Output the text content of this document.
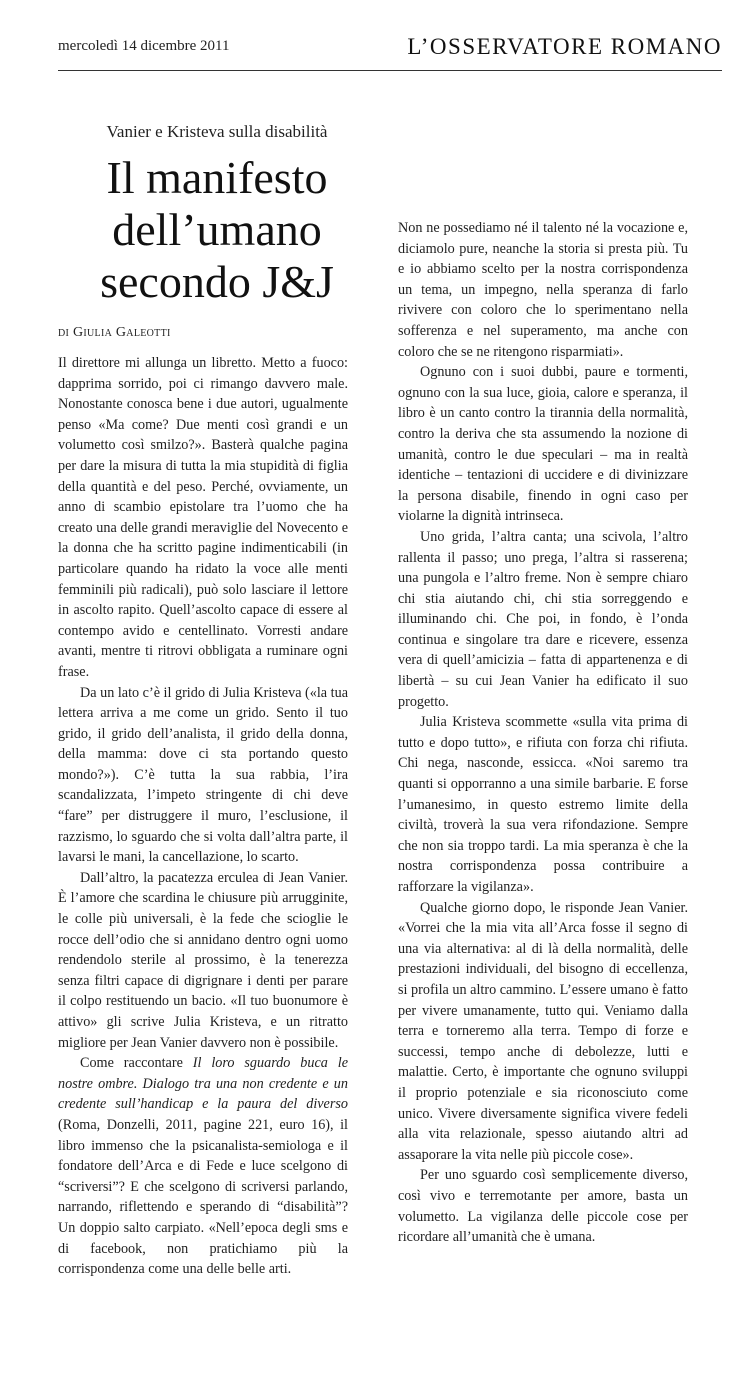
mercoledì 14 dicembre 2011	L’OSSERVATORE ROMANO
Vanier e Kristeva sulla disabilità
Il manifesto
dell’umano
secondo J&J
di Giulia Galeotti

Il direttore mi allunga un libretto. Metto a fuoco: dapprima sorrido, poi ci rimango davvero male. Nonostante conosca bene i due autori, ugualmente penso «Ma come? Due menti così grandi e un volumetto così smilzo?». Basterà qualche pagina per dare la misura di tutta la mia stupidità di figlia della quantità e del peso. Perché, ovviamente, un anno di scambio epistolare tra l’uomo che ha creato una delle grandi meraviglie del Novecento e la donna che ha scritto pagine indimenticabili (in particolare quando ha ridato la voce alle menti femminili più radicali), può solo lasciare il lettore in ascolto rapito. Quell’ascolto capace di essere al contempo avido e centellinato. Vorresti andare avanti, mentre ti ritrovi obbligata a ruminare ogni frase.

Da un lato c’è il grido di Julia Kristeva («la tua lettera arriva a me come un grido. Sento il tuo grido, il grido dell’analista, il grido della donna, della mamma: dove ci sta portando questo mondo?»). C’è tutta la sua rabbia, l’ira scandalizzata, l’impeto stringente di chi deve “fare” per distruggere il muro, l’esclusione, il razzismo, lo sguardo che si volta dall’altra parte, il lavarsi le mani, la cancellazione, lo scarto.

Dall’altro, la pacatezza erculea di Jean Vanier. È l’amore che scardina le chiusure più arrugginite, le colle più universali, è la fede che scioglie le rocce dell’odio che si annidano dentro ogni uomo rendendolo sterile al prossimo, è la tenerezza senza filtri capace di digrignare i denti per parare il colpo restituendo un bacio. «Il tuo buonumore è attivo» gli scrive Julia Kristeva, e un ritratto migliore per Jean Vanier davvero non è possibile.

Come raccontare Il loro sguardo buca le nostre ombre. Dialogo tra una non credente e un credente sull’handicap e la paura del diverso (Roma, Donzelli, 2011, pagine 221, euro 16), il libro immenso che la psicanalista-semiologa e il fondatore dell’Arca e di Fede e luce scelgono di “scriversi”? E che scelgono di scriversi parlando, narrando, riflettendo e sperando di “disabilità”? Un doppio salto carpiato. «Nell’epoca degli sms e di facebook, non pratichiamo più la corrispondenza come una delle belle arti.

Non ne possediamo né il talento né la vocazione e, diciamolo pure, neanche la storia si presta più. Tu e io abbiamo scelto per la nostra corrispondenza un tema, un impegno, nella speranza di farlo rivivere con coloro che lo sperimentano nella sofferenza e nel superamento, ma anche con coloro che se ne ritengono risparmiati».

Ognuno con i suoi dubbi, paure e tormenti, ognuno con la sua luce, gioia, calore e speranza, il libro è un canto contro la tirannia della normalità, contro la deriva che sta assumendo la nozione di umanità, contro le due speculari – ma in realtà identiche – tentazioni di uccidere e di divinizzare la persona disabile, finendo in ogni caso per violarne la dignità intrinseca.

Uno grida, l’altra canta; una scivola, l’altro rallenta il passo; uno prega, l’altra si rasserena; una pungola e l’altro freme. Non è sempre chiaro chi stia aiutando chi, chi stia sorreggendo e illuminando chi. Che poi, in fondo, è l’onda continua e singolare tra dare e ricevere, essenza vera di quell’amicizia – fatta di appartenenza e di libertà – su cui Jean Vanier ha edificato il suo progetto.

Julia Kristeva scommette «sulla vita prima di tutto e dopo tutto», e rifiuta con forza chi rifiuta. Chi nega, nasconde, essicca. «Noi saremo tra quanti si opporranno a una simile barbarie. E forse l’umanesimo, in questo estremo limite della civiltà, troverà la sua vera rifondazione. Sempre che non sia troppo tardi. La mia speranza è che la nostra corrispondenza possa contribuire a rafforzare la vigilanza».

Qualche giorno dopo, le risponde Jean Vanier. «Vorrei che la mia vita all’Arca fosse il segno di una via alternativa: al di là della normalità, delle prestazioni individuali, del bisogno di eccellenza, si profila un altro cammino. L’essere umano è fatto per vivere umanamente, tutto qui. Veniamo dalla terra e torneremo alla terra. Tempo di forze e successi, tempo anche di debolezze, lutti e malattie. Certo, è importante che ognuno sviluppi il proprio potenziale e sia riconosciuto come unico. Vivere diversamente significa vivere fedeli alla vita relazionale, spesso aiutando altri ad assaporare la vita nelle più piccole cose».

Per uno sguardo così semplicemente diverso, così vivo e terremotante per amore, basta un volumetto. La vigilanza delle piccole cose per ricordare all’umanità che è umana.
